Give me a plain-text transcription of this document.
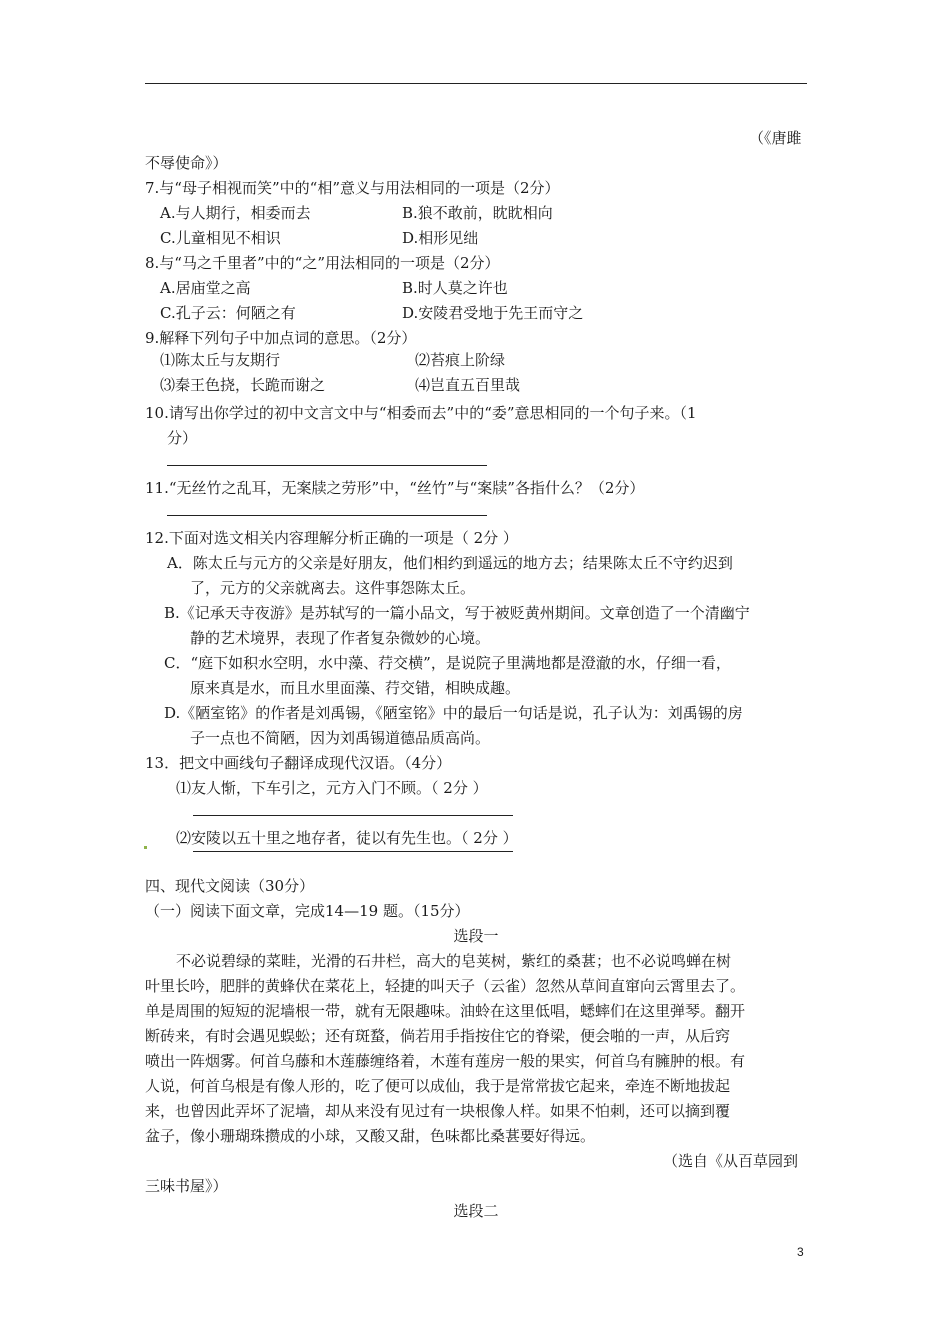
（《唐雎
不辱使命》）
7.与“母子相视而笑”中的“相”意义与用法相同的一项是（2分）
A.与人期行，相委而去	B.狼不敢前，眈眈相向
C.儿童相见不相识	D.相形见绌
8.与“马之千里者”中的“之”用法相同的一项是（2分）
A.居庙堂之高	B.时人莫之许也
C.孔子云：何陋之有	D.安陵君受地于先王而守之
9.解释下列句子中加点词的意思。（2分）
⑴陈太丘与友期行	⑵苔痕上阶绿
⑶秦王色挠，长跪而谢之	⑷岂直五百里哉
10.请写出你学过的初中文言文中与“相委而去”中的“委”意思相同的一个句子来。（1
分）
11.“无丝竹之乱耳，无案牍之劳形”中，“丝竹”与“案牍”各指什么？（2分）
12.下面对选文相关内容理解分析正确的一项是（ 2分 ）
A．陈太丘与元方的父亲是好朋友，他们相约到遥远的地方去；结果陈太丘不守约迟到
了，元方的父亲就离去。这件事怨陈太丘。
B.《记承天寺夜游》是苏轼写的一篇小品文，写于被贬黄州期间。文章创造了一个清幽宁
静的艺术境界，表现了作者复杂微妙的心境。
C．“庭下如积水空明，水中藻、荇交横”，是说院子里满地都是澄澈的水，仔细一看，
原来真是水，而且水里面藻、荇交错，相映成趣。
D.《陋室铭》的作者是刘禹锡，《陋室铭》中的最后一句话是说，孔子认为：刘禹锡的房
子一点也不简陋，因为刘禹锡道德品质高尚。
13．把文中画线句子翻译成现代汉语。（4分）
⑴友人惭，下车引之，元方入门不顾。（ 2分 ）
⑵安陵以五十里之地存者，徒以有先生也。（ 2分 ）
四、现代文阅读（30分）
（一）阅读下面文章，完成14—19 题。（15分）
选段一
不必说碧绿的菜畦，光滑的石井栏，高大的皂荚树，紫红的桑葚；也不必说鸣蝉在树
叶里长吟，肥胖的黄蜂伏在菜花上，轻捷的叫天子（云雀）忽然从草间直窜向云霄里去了。
单是周围的短短的泥墙根一带，就有无限趣味。油蛉在这里低唱，蟋蟀们在这里弹琴。翻开
断砖来，有时会遇见蜈蚣；还有斑蝥，倘若用手指按住它的脊梁，便会啪的一声，从后窍
喷出一阵烟雾。何首乌藤和木莲藤缠络着，木莲有莲房一般的果实，何首乌有臃肿的根。有
人说，何首乌根是有像人形的，吃了便可以成仙，我于是常常拔它起来，牵连不断地拔起
来，也曾因此弄坏了泥墙，却从来没有见过有一块根像人样。如果不怕刺，还可以摘到覆
盆子，像小珊瑚珠攒成的小球，又酸又甜，色味都比桑葚要好得远。
（选自《从百草园到
三味书屋》）
选段二
3
